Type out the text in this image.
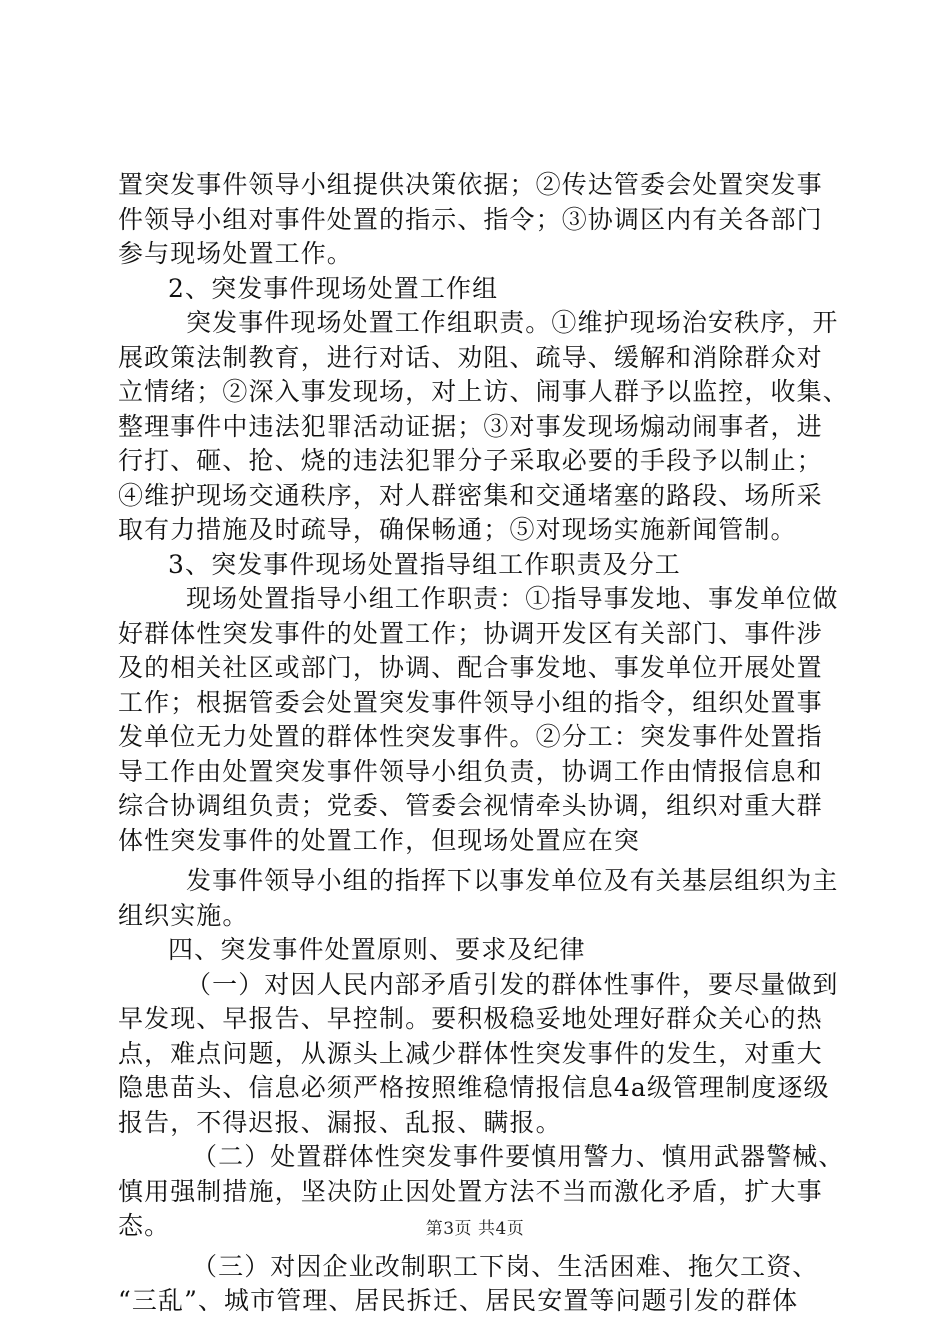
置突发事件领导小组提供决策依据；②传达管委会处置突发事
件领导小组对事件处置的指示、指令；③协调区内有关各部门
参与现场处置工作。
2、突发事件现场处置工作组
突发事件现场处置工作组职责。①维护现场治安秩序，开
展政策法制教育，进行对话、劝阻、疏导、缓解和消除群众对
立情绪；②深入事发现场，对上访、闹事人群予以监控，收集、
整理事件中违法犯罪活动证据；③对事发现场煽动闹事者，进
行打、砸、抢、烧的违法犯罪分子采取必要的手段予以制止；
④维护现场交通秩序，对人群密集和交通堵塞的路段、场所采
取有力措施及时疏导，确保畅通；⑤对现场实施新闻管制。
3、突发事件现场处置指导组工作职责及分工
现场处置指导小组工作职责：①指导事发地、事发单位做
好群体性突发事件的处置工作；协调开发区有关部门、事件涉
及的相关社区或部门，协调、配合事发地、事发单位开展处置
工作；根据管委会处置突发事件领导小组的指令，组织处置事
发单位无力处置的群体性突发事件。②分工：突发事件处置指
导工作由处置突发事件领导小组负责，协调工作由情报信息和
综合协调组负责；党委、管委会视情牵头协调，组织对重大群
体性突发事件的处置工作，但现场处置应在突
发事件领导小组的指挥下以事发单位及有关基层组织为主
组织实施。
四、突发事件处置原则、要求及纪律
（一）对因人民内部矛盾引发的群体性事件，要尽量做到
早发现、早报告、早控制。要积极稳妥地处理好群众关心的热
点，难点问题，从源头上减少群体性突发事件的发生，对重大
隐患苗头、信息必须严格按照维稳情报信息4a级管理制度逐级
报告，不得迟报、漏报、乱报、瞒报。
（二）处置群体性突发事件要慎用警力、慎用武器警械、
慎用强制措施，坚决防止因处置方法不当而激化矛盾，扩大事
态。
（三）对因企业改制职工下岗、生活困难、拖欠工资、
“三乱”、城市管理、居民拆迁、居民安置等问题引发的群体
第3页 共4页
